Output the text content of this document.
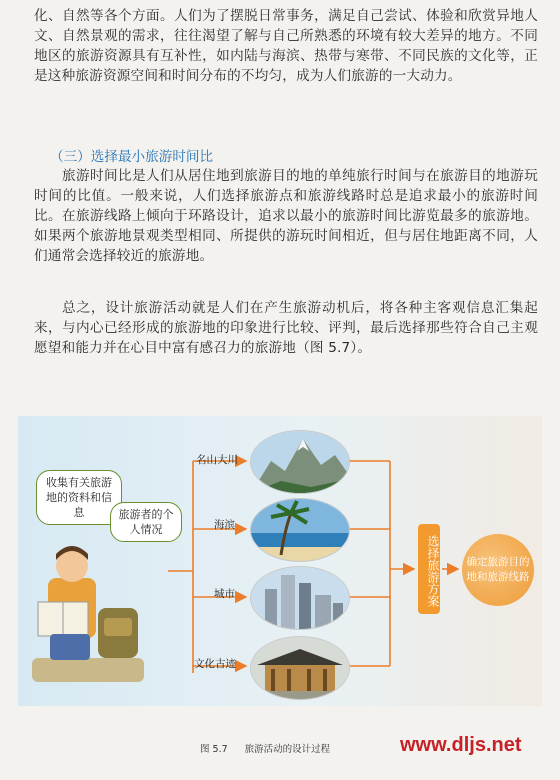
化、自然等各个方面。人们为了摆脱日常事务，满足自己尝试、体验和欣赏异地人文、自然景观的需求，往往渴望了解与自己所熟悉的环境有较大差异的地方。不同地区的旅游资源具有互补性，如内陆与海滨、热带与寒带、不同民族的文化等，正是这种旅游资源空间和时间分布的不均匀，成为人们旅游的一大动力。

（三）选择最小旅游时间比

旅游时间比是人们从居住地到旅游目的地的单纯旅行时间与在旅游目的地游玩时间的比值。一般来说，人们选择旅游点和旅游线路时总是追求最小的旅游时间比。在旅游线路上倾向于环路设计，追求以最小的旅游时间比游览最多的旅游地。如果两个旅游地景观类型相同、所提供的游玩时间相近，但与居住地距离不同，人们通常会选择较近的旅游地。

总之，设计旅游活动就是人们在产生旅游动机后，将各种主客观信息汇集起来，与内心已经形成的旅游地的印象进行比较、评判，最后选择那些符合自己主观愿望和能力并在心目中富有感召力的旅游地（图 5.7）。

收集有关旅游地的资料和信息	旅游者的个人情况
名山大川
海滨
城市
文化古迹
选择旅游方案	确定旅游目的地和旅游线路
图 5.7 旅游活动的设计过程	www.dljs.net
